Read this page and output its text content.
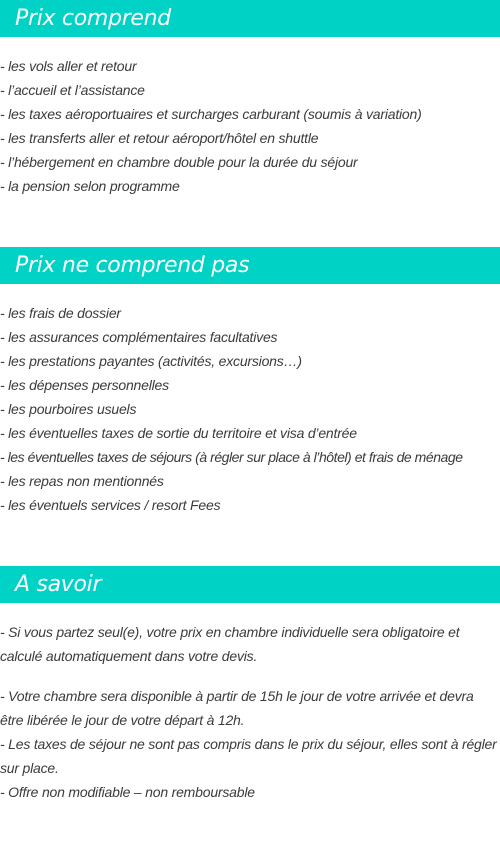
Prix comprend
- les vols aller et retour
- l’accueil et l’assistance
- les taxes aéroportuaires et surcharges carburant (soumis à variation)
- les transferts aller et retour aéroport/hôtel en shuttle
- l’hébergement en chambre double pour la durée du séjour
- la pension selon programme
Prix ne comprend pas
- les frais de dossier
- les assurances complémentaires facultatives
- les prestations payantes (activités, excursions…)
- les dépenses personnelles
- les pourboires usuels
- les éventuelles taxes de sortie du territoire et visa d’entrée
- les éventuelles taxes de séjours (à régler sur place à l’hôtel) et frais de ménage
- les repas non mentionnés
- les éventuels services / resort Fees
A savoir

- Si vous partez seul(e), votre prix en chambre individuelle sera obligatoire et calculé automatiquement dans votre devis.

- Votre chambre sera disponible à partir de 15h le jour de votre arrivée et devra être libérée le jour de votre départ à 12h.
- Les taxes de séjour ne sont pas compris dans le prix du séjour, elles sont à régler sur place.
- Offre non modifiable – non remboursable
